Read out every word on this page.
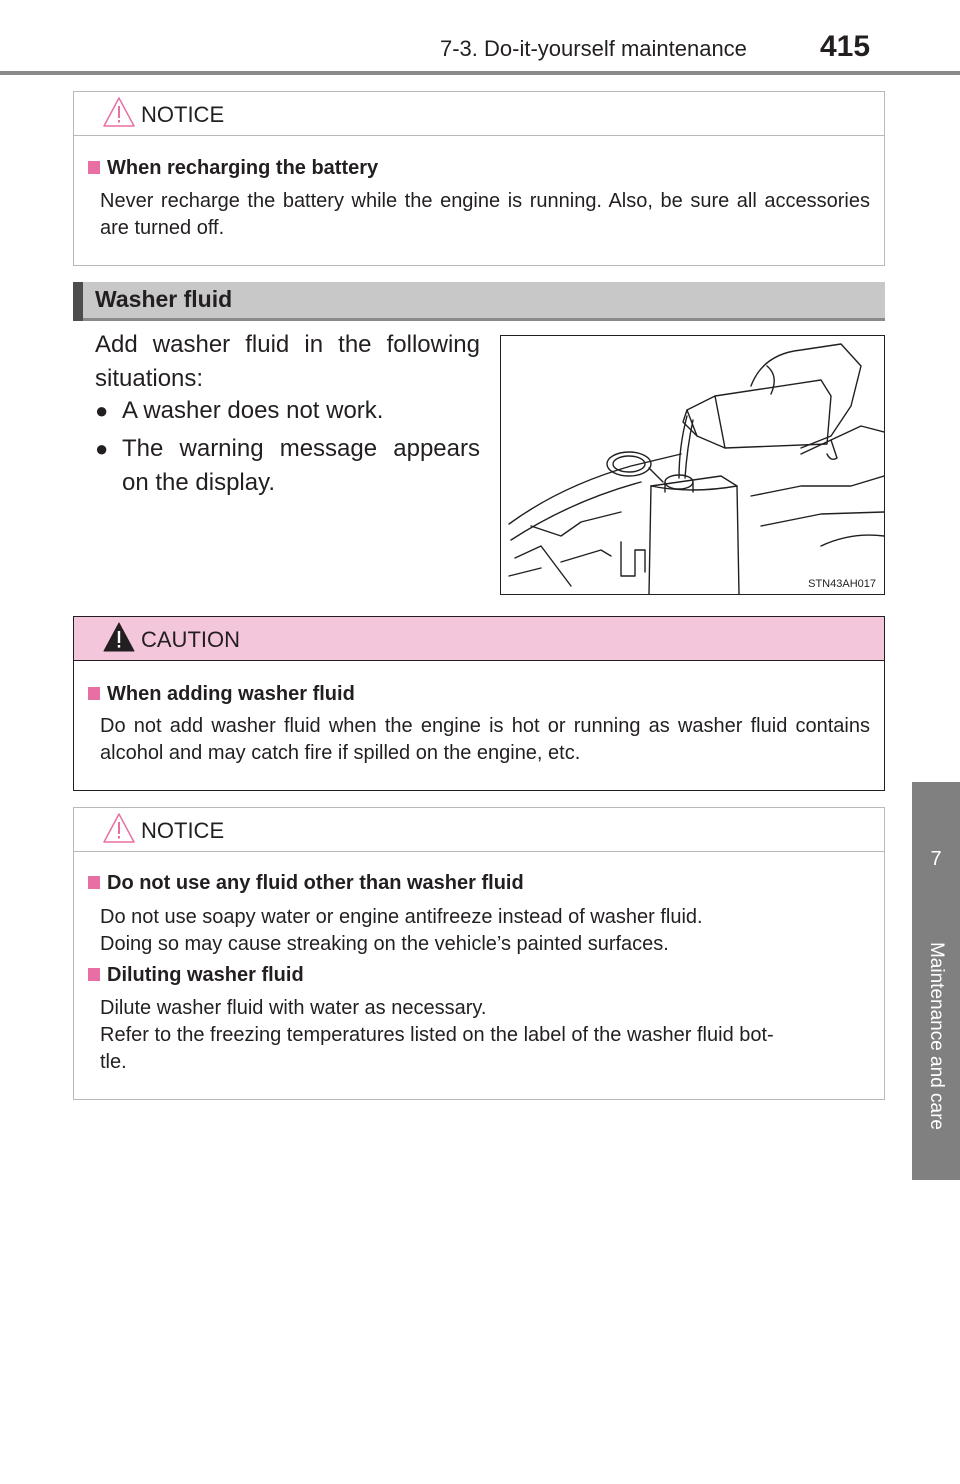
7-3. Do-it-yourself maintenance	415
7
Maintenance and care
NOTICE
When recharging the battery
Never recharge the battery while the engine is running. Also, be sure all accessories are turned off.
Washer fluid
Add washer fluid in the following situations:
● A washer does not work.
● The warning message appears on the display.
STN43AH017
CAUTION
When adding washer fluid
Do not add washer fluid when the engine is hot or running as washer fluid contains alcohol and may catch fire if spilled on the engine, etc.
NOTICE
Do not use any fluid other than washer fluid
Do not use soapy water or engine antifreeze instead of washer fluid.
Doing so may cause streaking on the vehicle’s painted surfaces.
Diluting washer fluid
Dilute washer fluid with water as necessary.
Refer to the freezing temperatures listed on the label of the washer fluid bot-
tle.
